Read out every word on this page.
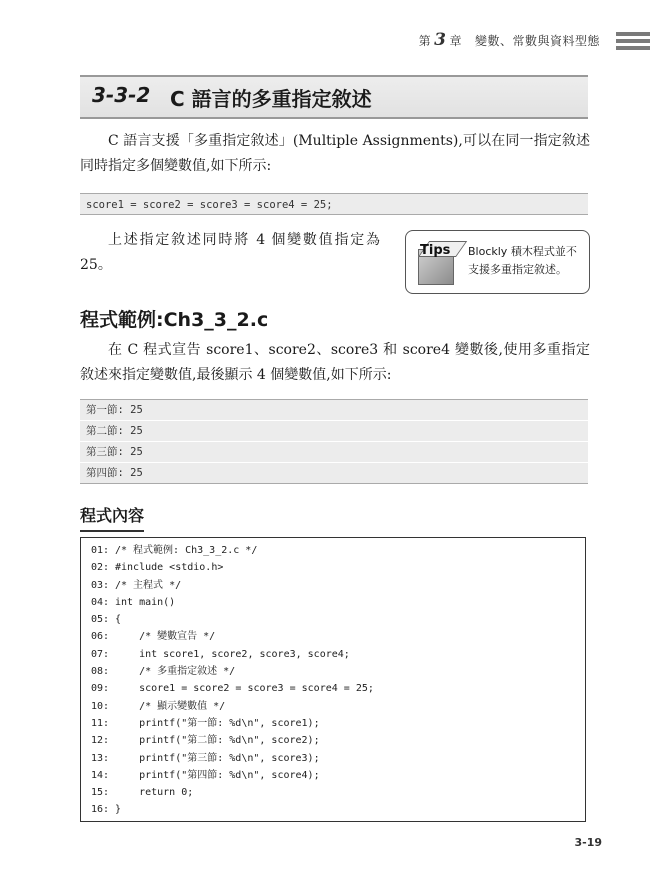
第 3 章 變數、常數與資料型態
3-3-2 C 語言的多重指定敘述
C 語言支援「多重指定敘述」(Multiple Assignments),可以在同一指定敘述同時指定多個變數值,如下所示:
score1 = score2 = score3 = score4 = 25;
上述指定敘述同時將 4 個變數值指定為 25。
Tips Blockly 積木程式並不支援多重指定敘述。
程式範例:Ch3_3_2.c
在 C 程式宣告 score1、score2、score3 和 score4 變數後,使用多重指定敘述來指定變數值,最後顯示 4 個變數值,如下所示:
第一節: 25
第二節: 25
第三節: 25
第四節: 25
程式內容
01: /* 程式範例: Ch3_3_2.c */
02: #include <stdio.h>
03: /* 主程式 */
04: int main()
05: {
06:    /* 變數宣告 */
07:    int score1, score2, score3, score4;
08:    /* 多重指定敘述 */
09:    score1 = score2 = score3 = score4 = 25;
10:    /* 顯示變數值 */
11:    printf("第一節: %d\n", score1);
12:    printf("第二節: %d\n", score2);
13:    printf("第三節: %d\n", score3);
14:    printf("第四節: %d\n", score4);
15:    return 0;
16: }
3-19
